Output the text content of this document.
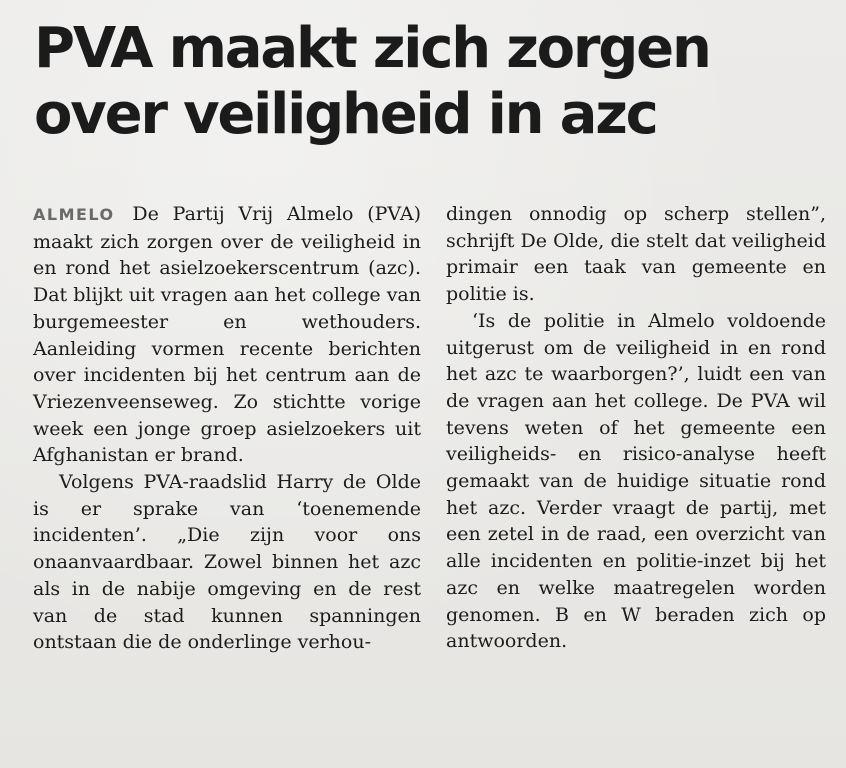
PVA maakt zich zorgen
over veiligheid in azc

ALMELO De Partij Vrij Almelo (PVA) maakt zich zorgen over de veiligheid in en rond het asielzoekerscentrum (azc). Dat blijkt uit vragen aan het college van burgemeester en wethouders. Aanleiding vormen recente berichten over incidenten bij het centrum aan de Vriezenveenseweg. Zo stichtte vorige week een jonge groep asielzoekers uit Afghanistan er brand.

Volgens PVA-raadslid Harry de Olde is er sprake van ‘toenemende incidenten’. „Die zijn voor ons onaanvaardbaar. Zowel binnen het azc als in de nabije omgeving en de rest van de stad kunnen spanningen ontstaan die de onderlinge verhou-

dingen onnodig op scherp stellen”, schrijft De Olde, die stelt dat veiligheid primair een taak van gemeente en politie is.

‘Is de politie in Almelo voldoende uitgerust om de veiligheid in en rond het azc te waarborgen?’, luidt een van de vragen aan het college. De PVA wil tevens weten of het gemeente een veiligheids- en risico-analyse heeft gemaakt van de huidige situatie rond het azc. Verder vraagt de partij, met een zetel in de raad, een overzicht van alle incidenten en politie-inzet bij het azc en welke maatregelen worden genomen. B en W beraden zich op antwoorden.
